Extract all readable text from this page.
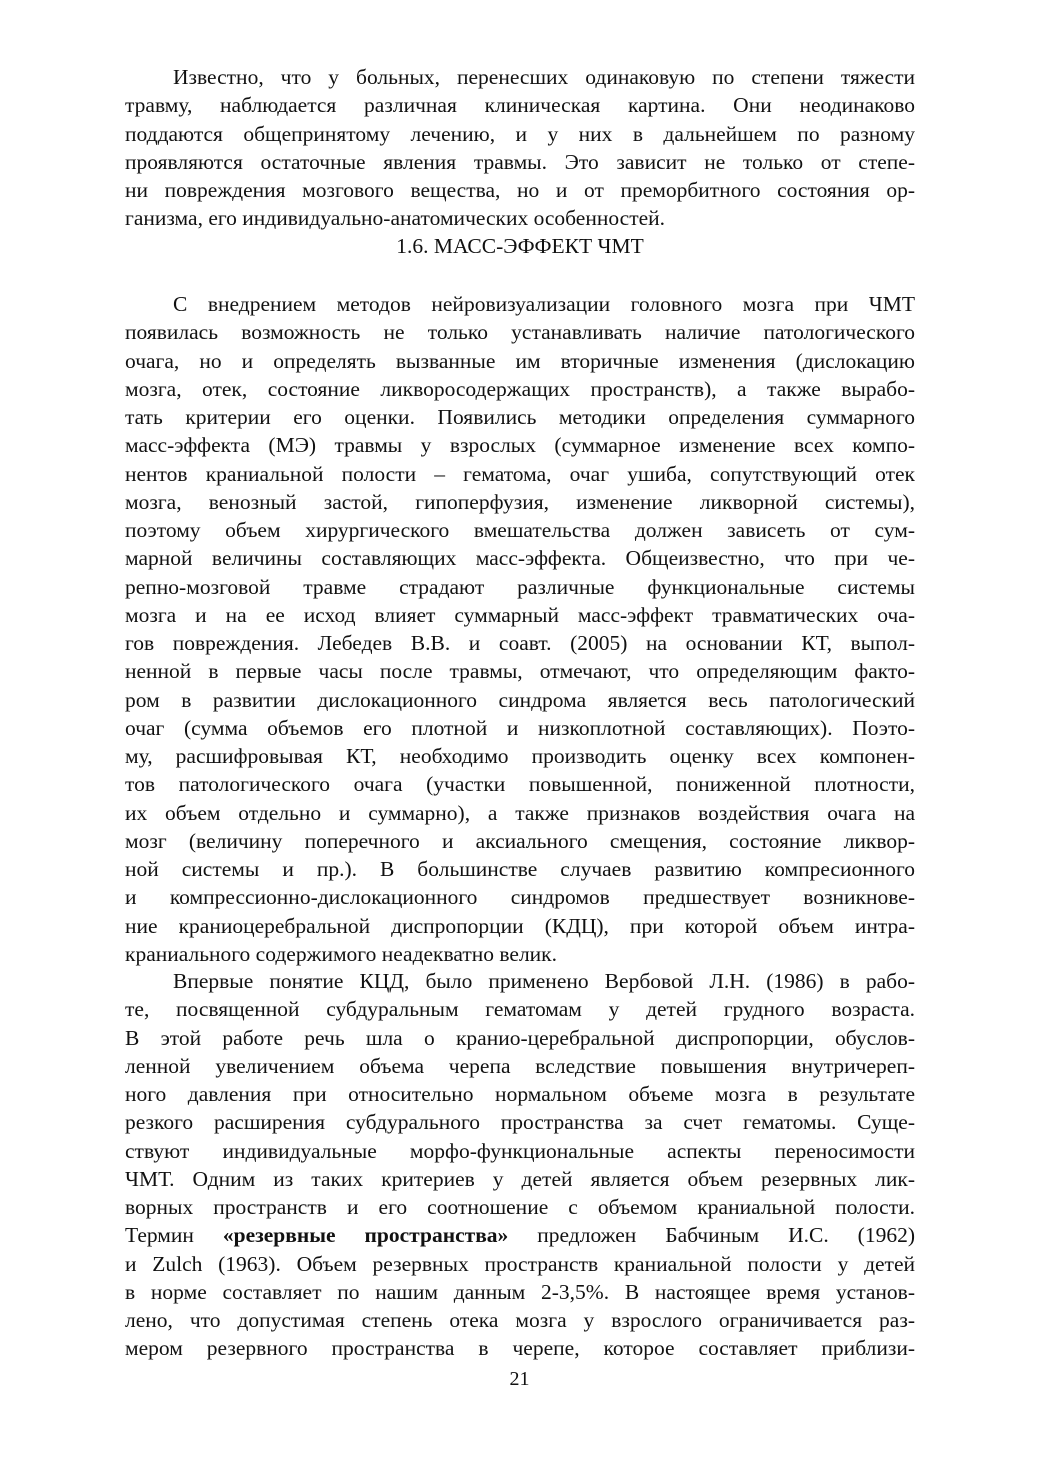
Известно, что у больных, перенесших одинаковую по степени тяжести
травму, наблюдается различная клиническая картина. Они неодинаково
поддаются общепринятому лечению, и у них в дальнейшем по разному
проявляются остаточные явления травмы. Это зависит не только от степе-
ни повреждения мозгового вещества, но и от преморбитного состояния ор-
ганизма, его индивидуально-анатомических особенностей.
1.6. МАСС-ЭФФЕКТ ЧМТ
С внедрением методов нейровизуализации головного мозга при ЧМТ
появилась возможность не только устанавливать наличие патологического
очага, но и определять вызванные им вторичные изменения (дислокацию
мозга, отек, состояние ликворосодержащих пространств), а также вырабо-
тать критерии его оценки. Появились методики определения суммарного
масс-эффекта (МЭ) травмы у взрослых (суммарное изменение всех компо-
нентов краниальной полости – гематома, очаг ушиба, сопутствующий отек
мозга, венозный застой, гипоперфузия, изменение ликворной системы),
поэтому объем хирургического вмешательства должен зависеть от сум-
марной величины составляющих масс-эффекта. Общеизвестно, что при че-
репно-мозговой травме страдают различные функциональные системы
мозга и на ее исход влияет суммарный масс-эффект травматических оча-
гов повреждения. Лебедев В.В. и соавт. (2005) на основании КТ, выпол-
ненной в первые часы после травмы, отмечают, что определяющим факто-
ром в развитии дислокационного синдрома является весь патологический
очаг (сумма объемов его плотной и низкоплотной составляющих). Поэто-
му, расшифровывая КТ, необходимо производить оценку всех компонен-
тов патологического очага (участки повышенной, пониженной плотности,
их объем отдельно и суммарно), а также признаков воздействия очага на
мозг (величину поперечного и аксиального смещения, состояние ликвор-
ной системы и пр.). В большинстве случаев развитию компресионного
и компрессионно-дислокационного синдромов предшествует возникнове-
ние краниоцеребральной диспропорции (КДЦ), при которой объем интра-
краниального содержимого неадекватно велик.
Впервые понятие КЦД, было применено Вербовой Л.Н. (1986) в рабо-
те, посвященной субдуральным гематомам у детей грудного возраста.
В этой работе речь шла о кранио-церебральной диспропорции, обуслов-
ленной увеличением объема черепа вследствие повышения внутричереп-
ного давления при относительно нормальном объеме мозга в результате
резкого расширения субдурального пространства за счет гематомы. Суще-
ствуют индивидуальные морфо-функциональные аспекты переносимости
ЧМТ. Одним из таких критериев у детей является объем резервных лик-
ворных пространств и его соотношение с объемом краниальной полости.
Термин «резервные пространства» предложен Бабчиным И.С. (1962)
и Zulch (1963). Объем резервных пространств краниальной полости у детей
в норме составляет по нашим данным 2-3,5%. В настоящее время установ-
лено, что допустимая степень отека мозга у взрослого ограничивается раз-
мером резервного пространства в черепе, которое составляет приблизи-
21
